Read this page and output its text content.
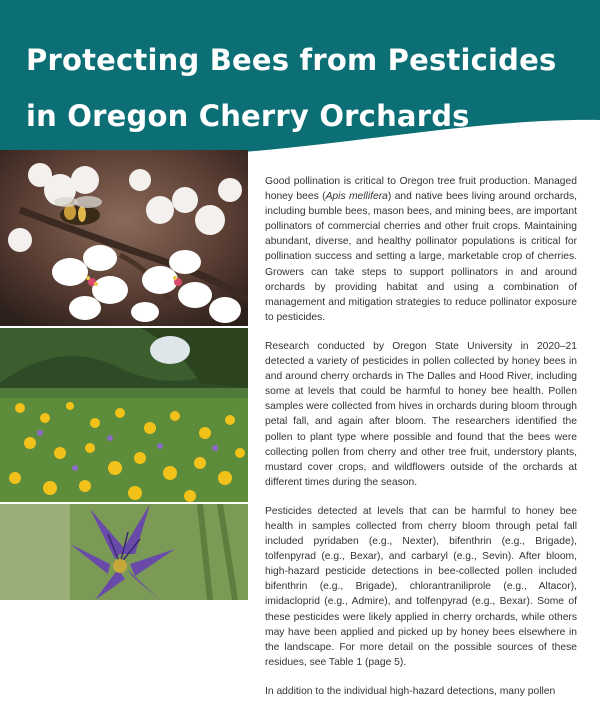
Protecting Bees from Pesticides
in Oregon Cherry Orchards

Good pollination is critical to Oregon tree fruit production. Managed honey bees (Apis mellifera) and native bees living around orchards, including bumble bees, mason bees, and mining bees, are important pollinators of commercial cherries and other fruit crops. Maintaining abundant, diverse, and healthy pollinator populations is critical for pollination success and setting a large, marketable crop of cherries. Growers can take steps to support pollinators in and around orchards by providing habitat and using a combination of management and mitigation strategies to reduce pollinator exposure to pesticides.

Research conducted by Oregon State University in 2020–21 detected a variety of pesticides in pollen collected by honey bees in and around cherry orchards in The Dalles and Hood River, including some at levels that could be harmful to honey bee health. Pollen samples were collected from hives in orchards during bloom through petal fall, and again after bloom. The researchers identified the pollen to plant type where possible and found that the bees were collecting pollen from cherry and other tree fruit, understory plants, mustard cover crops, and wildflowers outside of the orchards at different times during the season.

Pesticides detected at levels that can be harmful to honey bee health in samples collected from cherry bloom through petal fall included pyridaben (e.g., Nexter), bifenthrin (e.g., Brigade), tolfenpyrad (e.g., Bexar), and carbaryl (e.g., Sevin). After bloom, high-hazard pesticide detections in bee-collected pollen included bifenthrin (e.g., Brigade), chlorantraniliprole (e.g., Altacor), imidacloprid (e.g., Admire), and tolfenpyrad (e.g., Bexar). Some of these pesticides were likely applied in cherry orchards, while others may have been applied and picked up by honey bees elsewhere in the landscape. For more detail on the possible sources of these residues, see Table 1 (page 5).

In addition to the individual high-hazard detections, many pollen
